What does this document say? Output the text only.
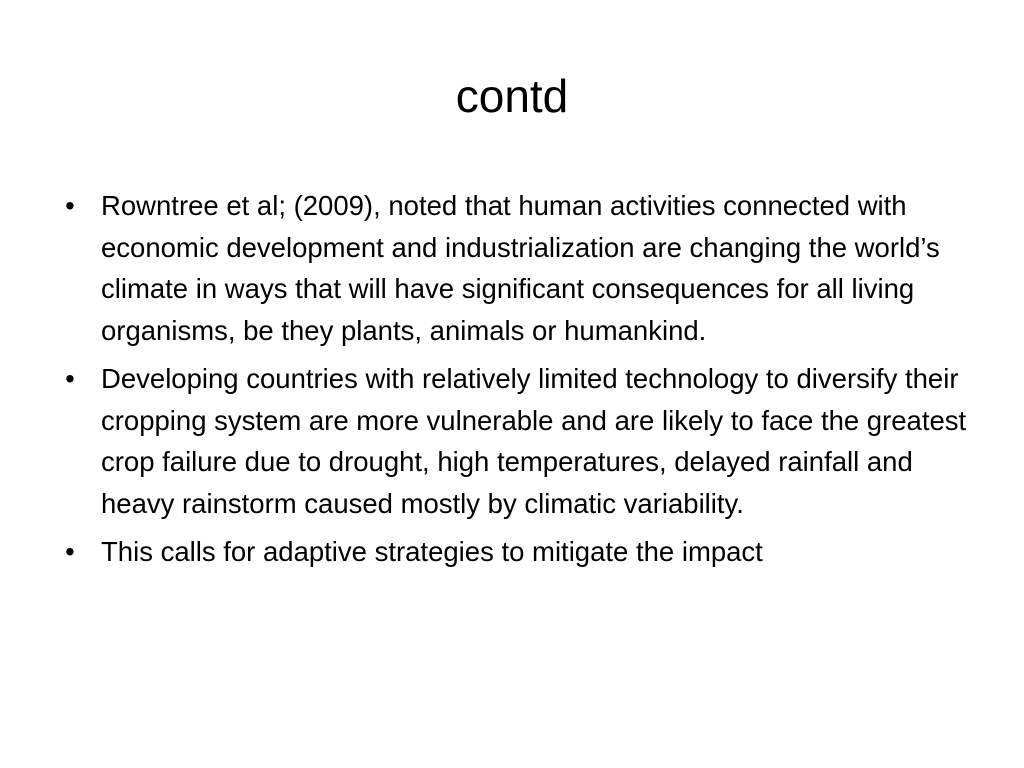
contd
• Rowntree et al; (2009), noted that human activities connected with economic development and industrialization are changing the world’s climate in ways that will have significant consequences for all living organisms, be they plants, animals or humankind.
• Developing countries with relatively limited technology to diversify their cropping system are more vulnerable and are likely to face the greatest crop failure due to drought, high temperatures, delayed rainfall and heavy rainstorm caused mostly by climatic variability.
• This calls for adaptive strategies to mitigate the impact
